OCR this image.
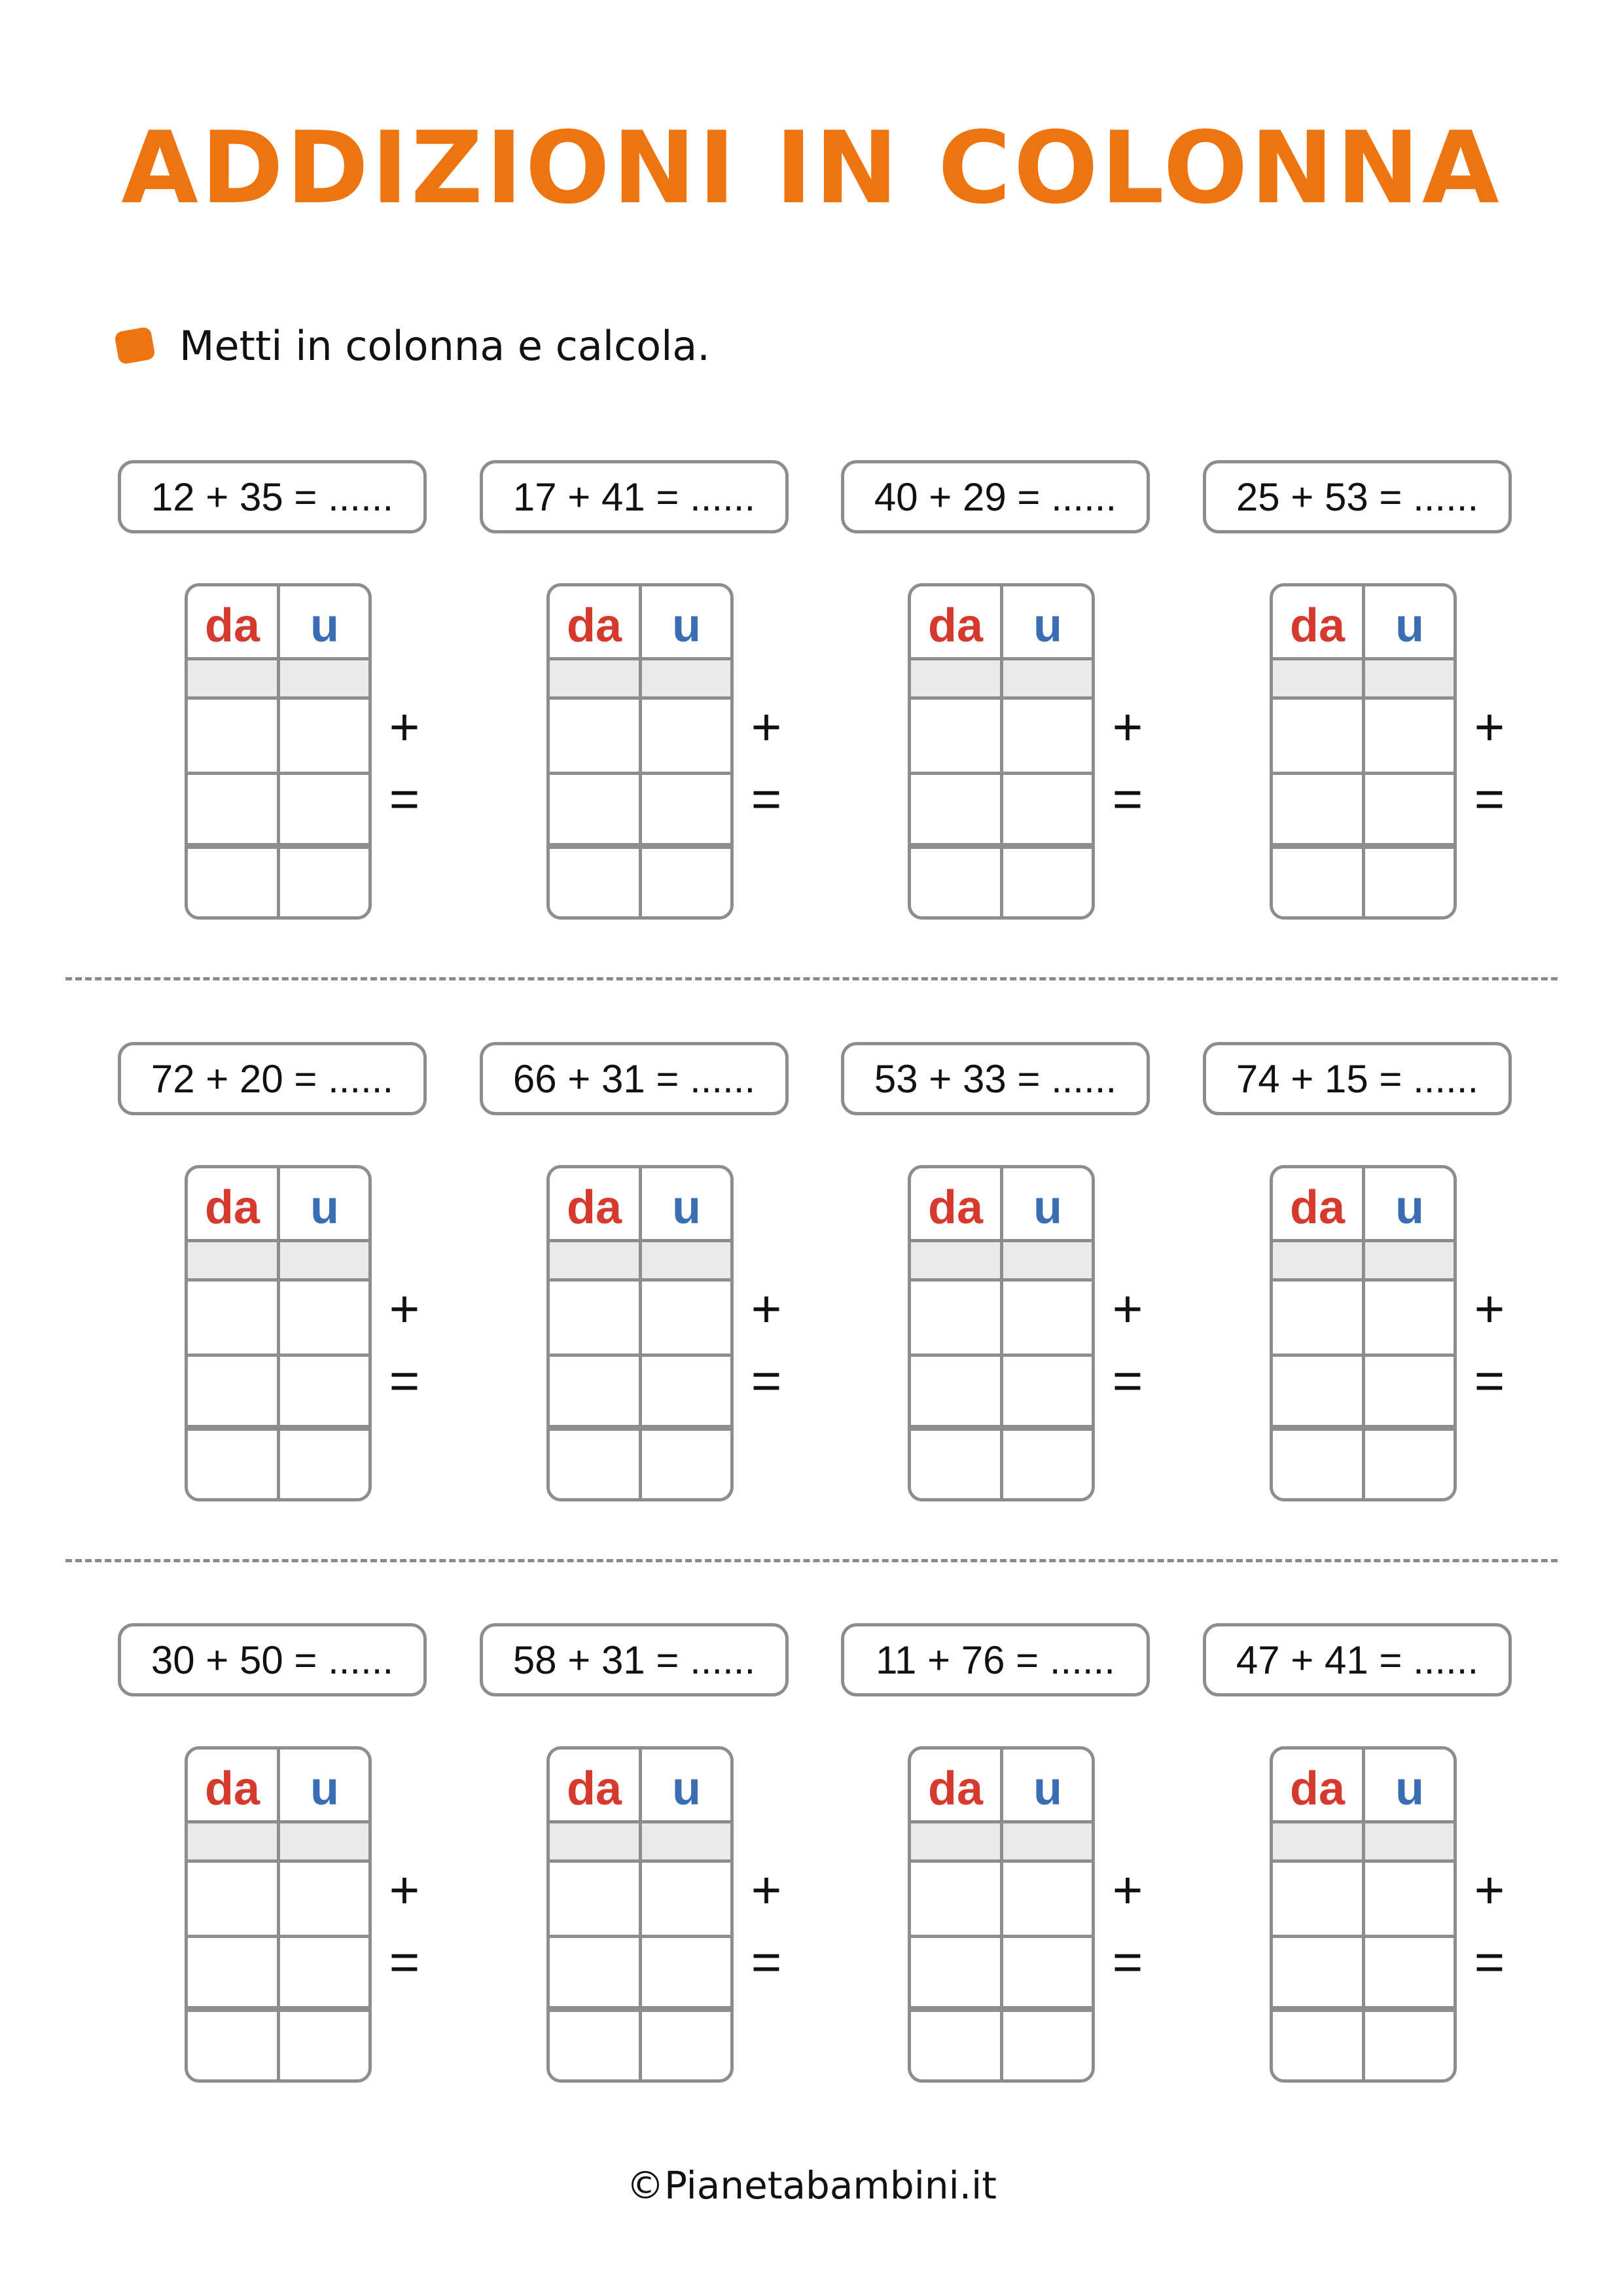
ADDIZIONI IN COLONNA
Metti in colonna e calcola.
12 + 35 = ......
da	u
+
=
17 + 41 = ......
da	u
+
=
40 + 29 = ......
da	u
+
=
25 + 53 = ......
da	u
+
=
72 + 20 = ......
da	u
+
=
66 + 31 = ......
da	u
+
=
53 + 33 = ......
da	u
+
=
74 + 15 = ......
da	u
+
=
30 + 50 = ......
da	u
+
=
58 + 31 = ......
da	u
+
=
11 + 76 = ......
da	u
+
=
47 + 41 = ......
da	u
+
=
©Pianetabambini.it
